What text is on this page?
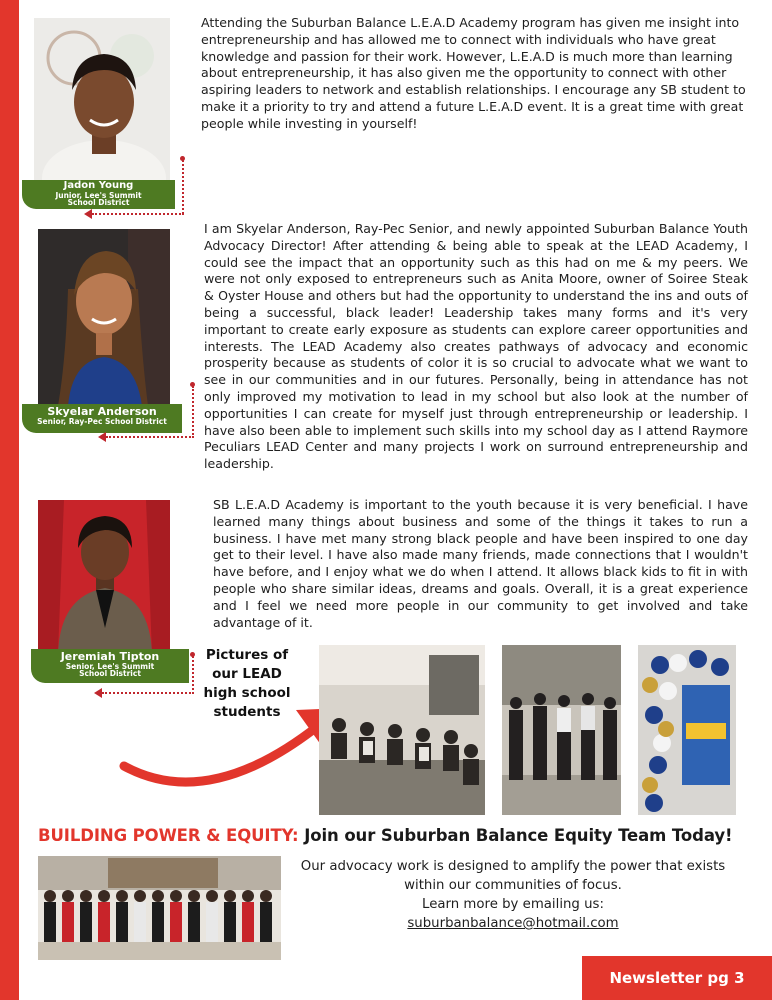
Jadon Young
Junior, Lee's Summit School District
Attending the Suburban Balance L.E.A.D Academy program has given me insight into entrepreneurship and has allowed me to connect with individuals who have great knowledge and passion for their work. However, L.E.A.D is much more than learning about entrepreneurship, it has also given me the opportunity to connect with other aspiring leaders to network and establish relationships. I encourage any SB student to make it a priority to try and attend a future L.E.A.D event. It is a great time with great people while investing in yourself!
Skyelar Anderson
Senior, Ray-Pec School District
I am Skyelar Anderson, Ray-Pec Senior, and newly appointed Suburban Balance Youth Advocacy Director! After attending & being able to speak at the LEAD Academy, I could see the impact that an opportunity such as this had on me & my peers. We were not only exposed to entrepreneurs such as Anita Moore, owner of Soiree Steak & Oyster House and others but had the opportunity to understand the ins and outs of being a successful, black leader! Leadership takes many forms and it's very important to create early exposure as students can explore career opportunities and interests. The LEAD Academy also creates pathways of advocacy and economic prosperity because as students of color it is so crucial to advocate what we want to see in our communities and in our futures. Personally, being in attendance has not only improved my motivation to lead in my school but also look at the number of opportunities I can create for myself just through entrepreneurship or leadership. I have also been able to implement such skills into my school day as I attend Raymore Peculiars LEAD Center and many projects I work on surround entrepreneurship and leadership.
Jeremiah Tipton
Senior, Lee's Summit School District
SB L.E.A.D Academy is important to the youth because it is very beneficial. I have learned many things about business and some of the things it takes to run a business. I have met many strong black people and have been inspired to one day get to their level. I have also made many friends, made connections that I wouldn't have before, and I enjoy what we do when I attend. It allows black kids to fit in with people who share similar ideas, dreams and goals. Overall, it is a great experience and I feel we need more people in our community to get involved and take advantage of it.
Pictures of our LEAD high school students
BUILDING POWER & EQUITY: Join our Suburban Balance Equity Team Today!
Our advocacy work is designed to amplify the power that exists within our communities of focus.
Learn more by emailing us:
suburbanbalance@hotmail.com
Newsletter pg 3
